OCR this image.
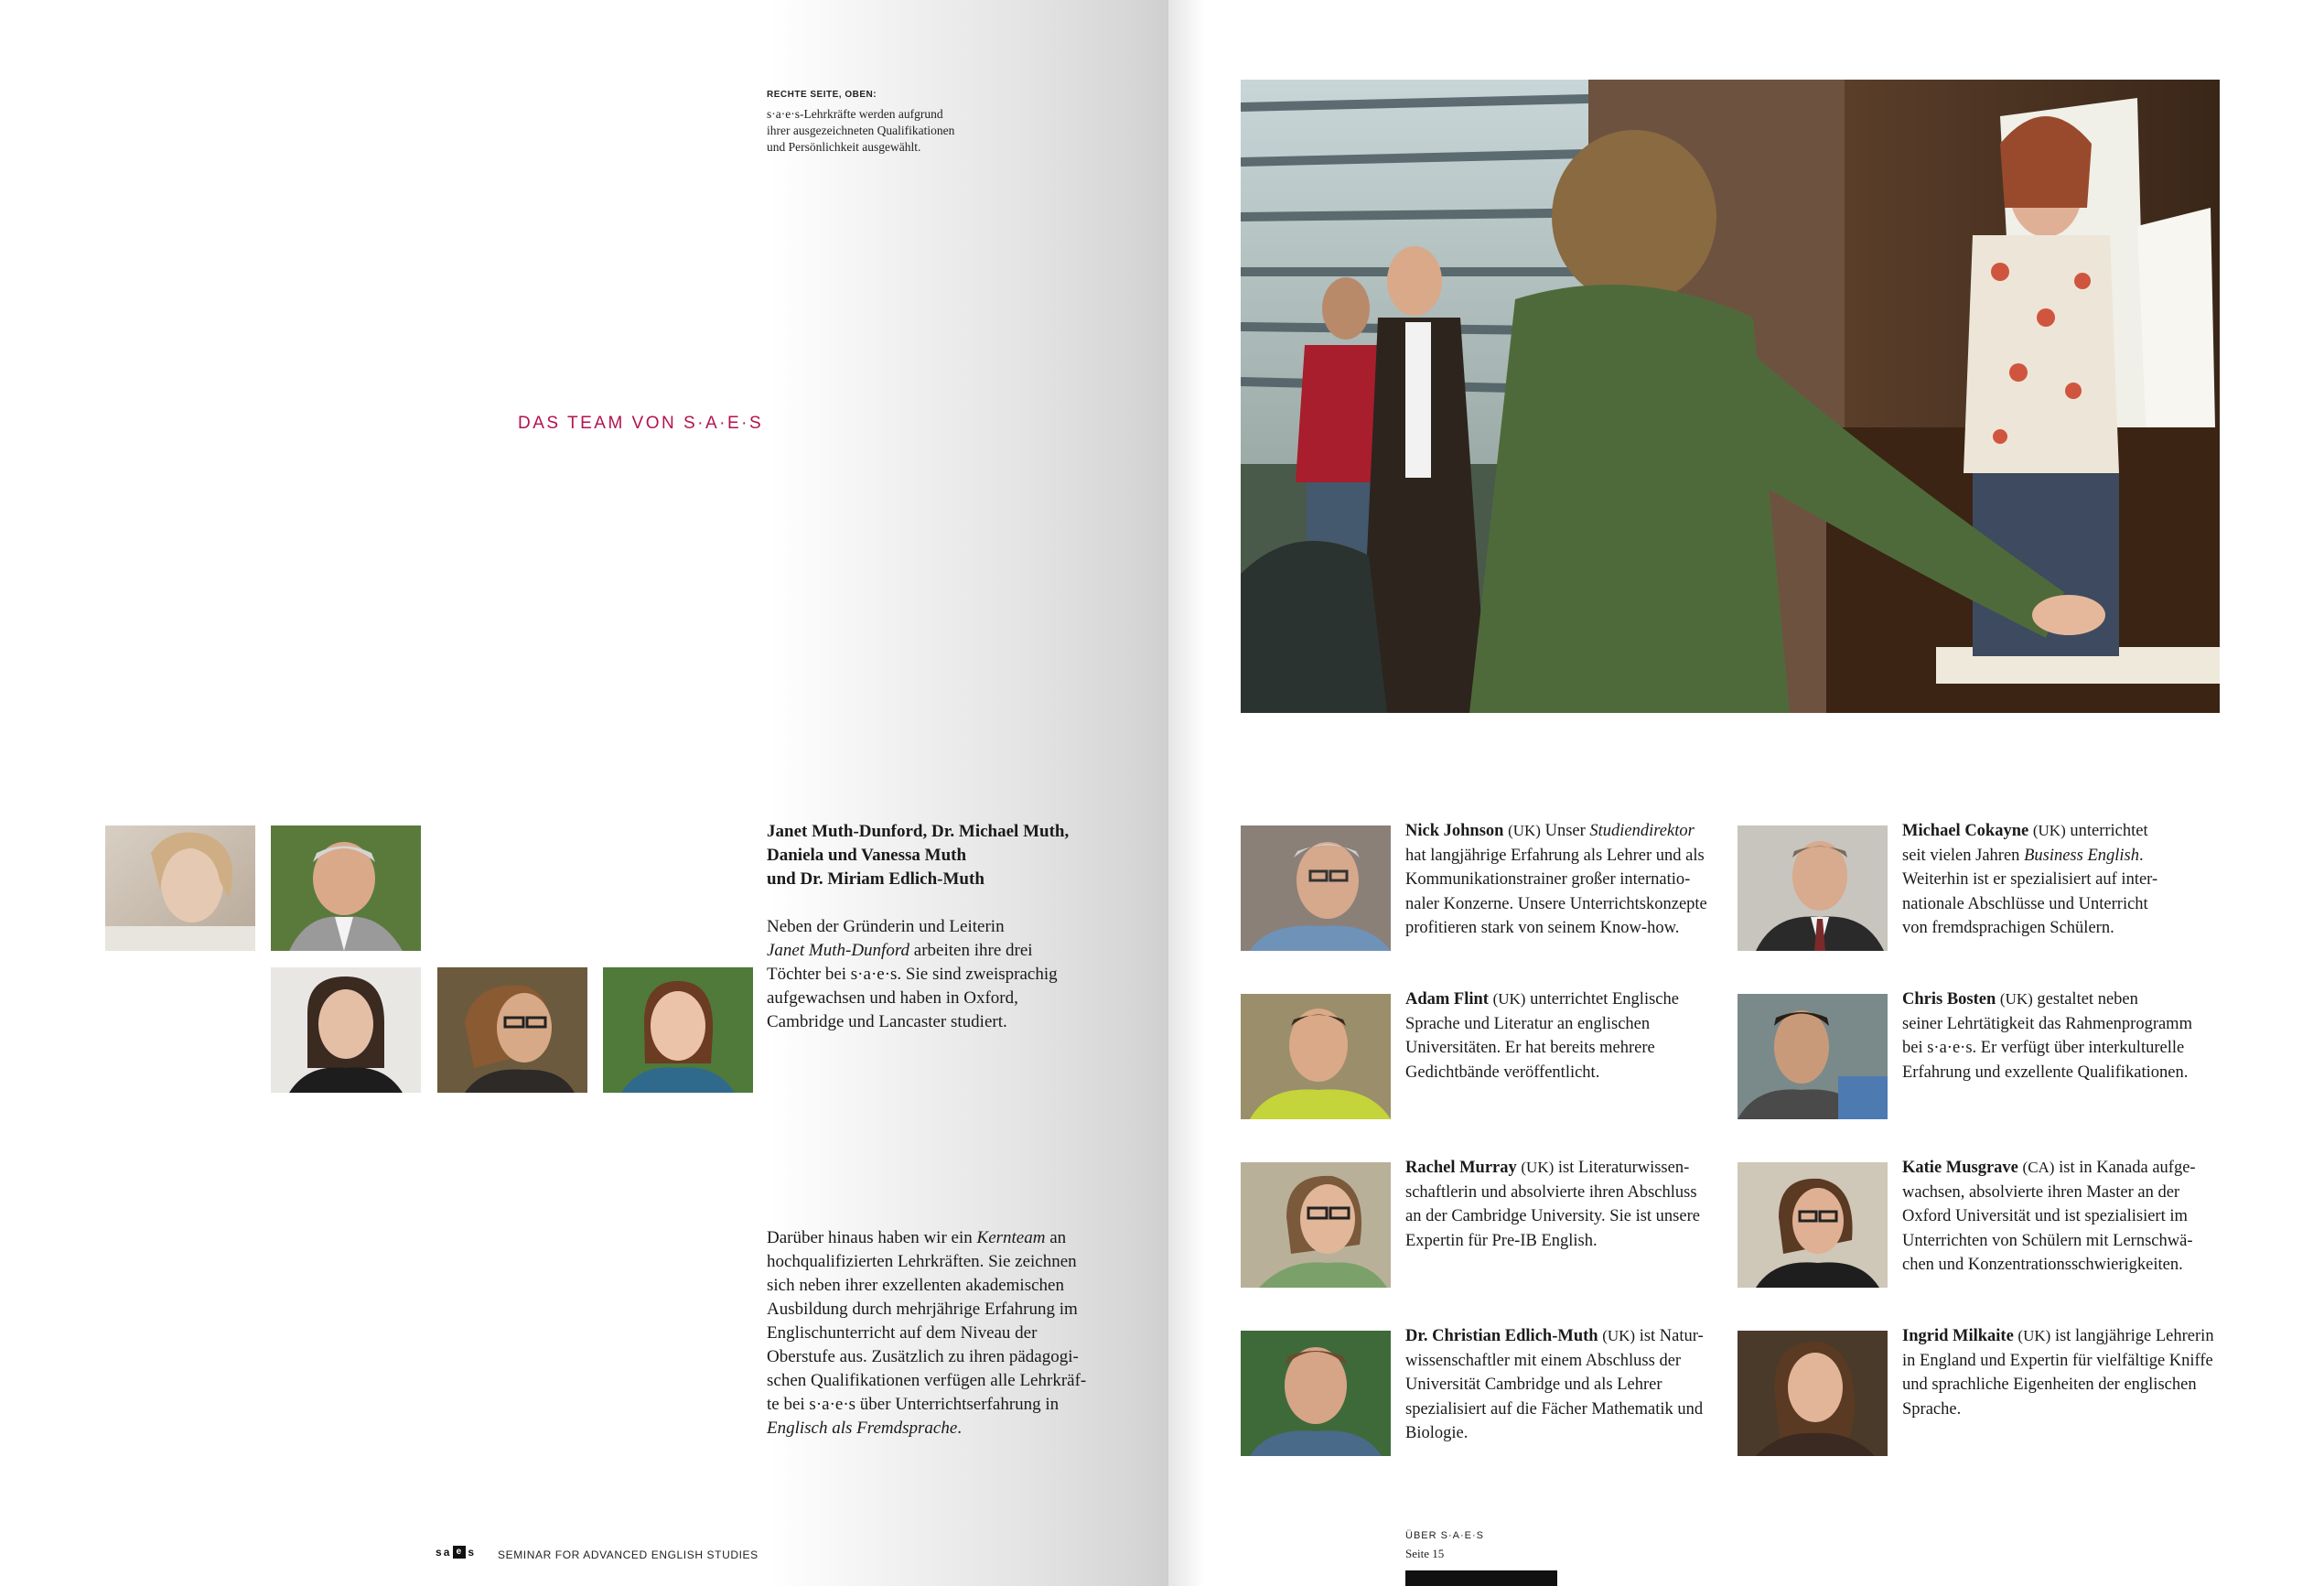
RECHTE SEITE, OBEN:
s·a·e·s-Lehrkräfte werden aufgrund
ihrer ausgezeichneten Qualifikationen
und Persönlichkeit ausgewählt.
DAS TEAM VON S·A·E·S
Janet Muth-Dunford, Dr. Michael Muth,
Daniela und Vanessa Muth
und Dr. Miriam Edlich-Muth
Neben der Gründerin und Leiterin
Janet Muth-Dunford arbeiten ihre drei
Töchter bei s·a·e·s. Sie sind zweisprachig
aufgewachsen und haben in Oxford,
Cambridge und Lancaster studiert.
Darüber hinaus haben wir ein Kernteam an
hochqualifizierten Lehrkräften. Sie zeichnen
sich neben ihrer exzellenten akademischen
Ausbildung durch mehrjährige Erfahrung im
Englischunterricht auf dem Niveau der
Oberstufe aus. Zusätzlich zu ihren pädagogi-
schen Qualifikationen verfügen alle Lehrkräf-
te bei s·a·e·s über Unterrichtserfahrung in
Englisch als Fremdsprache.
s a e s SEMINAR FOR ADVANCED ENGLISH STUDIES
Nick Johnson (UK) Unser Studiendirektor
hat langjährige Erfahrung als Lehrer und als
Kommunikationstrainer großer internatio-
naler Konzerne. Unsere Unterrichtskonzepte
profitieren stark von seinem Know-how.
Michael Cokayne (UK) unterrichtet
seit vielen Jahren Business English.
Weiterhin ist er spezialisiert auf inter-
nationale Abschlüsse und Unterricht
von fremdsprachigen Schülern.
Adam Flint (UK) unterrichtet Englische
Sprache und Literatur an englischen
Universitäten. Er hat bereits mehrere
Gedichtbände veröffentlicht.
Chris Bosten (UK) gestaltet neben
seiner Lehrtätigkeit das Rahmenprogramm
bei s·a·e·s. Er verfügt über interkulturelle
Erfahrung und exzellente Qualifikationen.
Rachel Murray (UK) ist Literaturwissen-
schaftlerin und absolvierte ihren Abschluss
an der Cambridge University. Sie ist unsere
Expertin für Pre-IB English.
Katie Musgrave (CA) ist in Kanada aufge-
wachsen, absolvierte ihren Master an der
Oxford Universität und ist spezialisiert im
Unterrichten von Schülern mit Lernschwä-
chen und Konzentrationsschwierigkeiten.
Dr. Christian Edlich-Muth (UK) ist Natur-
wissenschaftler mit einem Abschluss der
Universität Cambridge und als Lehrer
spezialisiert auf die Fächer Mathematik und
Biologie.
Ingrid Milkaite (UK) ist langjährige Lehrerin
in England und Expertin für vielfältige Kniffe
und sprachliche Eigenheiten der englischen
Sprache.
ÜBER S·A·E·S
Seite 15
